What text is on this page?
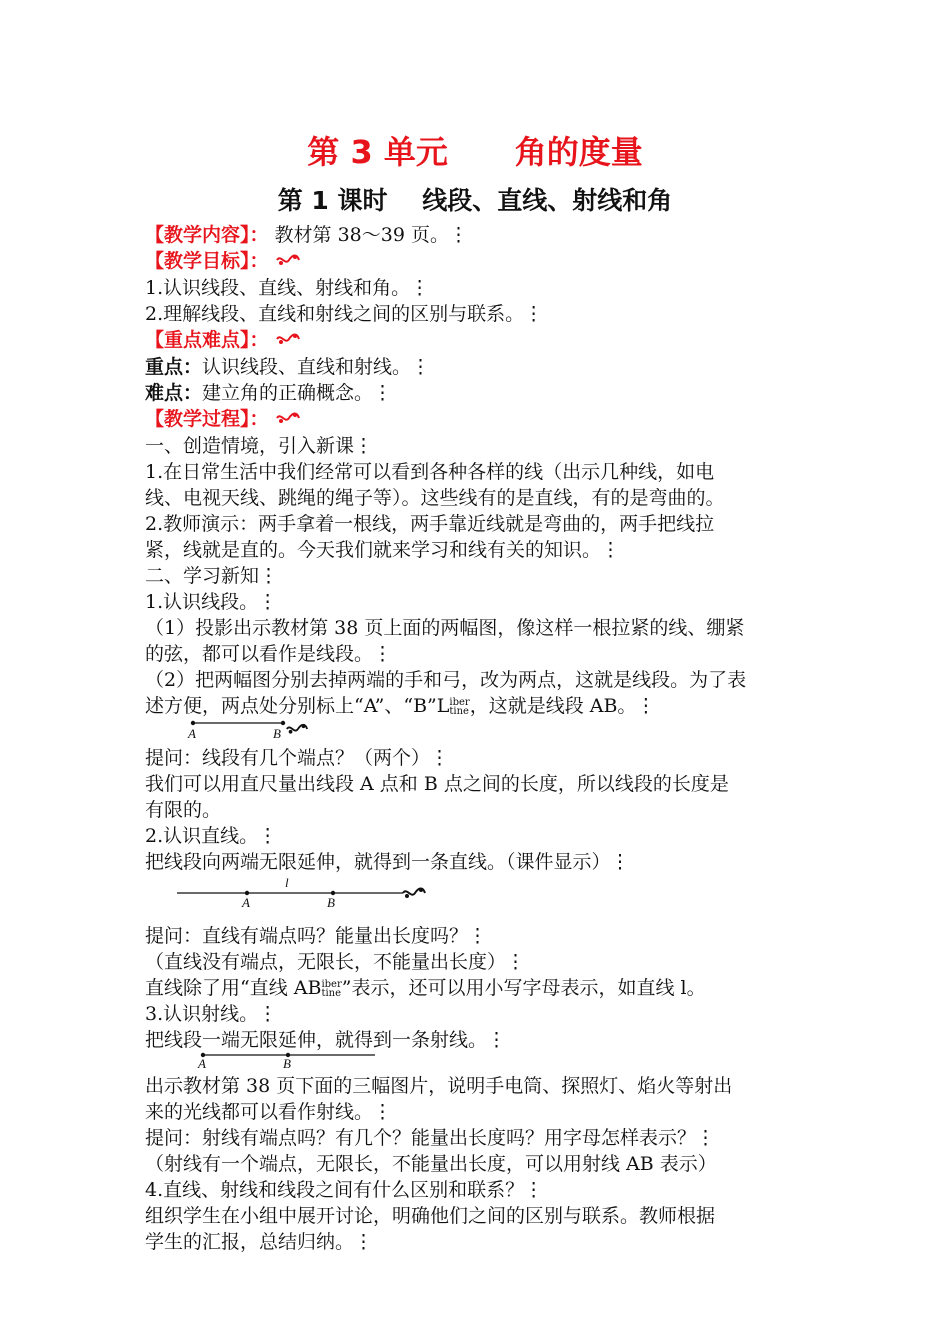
第 3 单元      角的度量
第 1 课时    线段、直线、射线和角
【教学内容】： 教材第 38～39 页。⋮
【教学目标】：
1.认识线段、直线、射线和角。⋮
2.理解线段、直线和射线之间的区别与联系。⋮
【重点难点】：
重点：认识线段、直线和射线。⋮
难点：建立角的正确概念。⋮
【教学过程】：
一、创造情境，引入新课⋮
1.在日常生活中我们经常可以看到各种各样的线（出示几种线，如电
线、电视天线、跳绳的绳子等）。这些线有的是直线，有的是弯曲的。
2.教师演示：两手拿着一根线，两手靠近线就是弯曲的，两手把线拉
紧，线就是直的。今天我们就来学习和线有关的知识。⋮
二、学习新知⋮
1.认识线段。⋮
（1）投影出示教材第 38 页上面的两幅图，像这样一根拉紧的线、绷紧
的弦，都可以看作是线段。⋮
（2）把两幅图分别去掉两端的手和弓，改为两点，这就是线段。为了表
述方便，两点处分别标上“A”、“B”Liber
tine，这就是线段 AB。⋮
A	B
提问：线段有几个端点？（两个）⋮
我们可以用直尺量出线段 A 点和 B 点之间的长度，所以线段的长度是
有限的。
2.认识直线。⋮
把线段向两端无限延伸，就得到一条直线。（课件显示）⋮
l
A	B
提问：直线有端点吗？能量出长度吗？⋮
（直线没有端点，无限长，不能量出长度）⋮
直线除了用“直线 ABiber
tine”表示，还可以用小写字母表示，如直线 l。
3.认识射线。⋮
把线段一端无限延伸，就得到一条射线。⋮
A	B
出示教材第 38 页下面的三幅图片，说明手电筒、探照灯、焰火等射出
来的光线都可以看作射线。⋮
提问：射线有端点吗？有几个？能量出长度吗？用字母怎样表示？⋮
（射线有一个端点，无限长，不能量出长度，可以用射线 AB 表示）
4.直线、射线和线段之间有什么区别和联系？⋮
组织学生在小组中展开讨论，明确他们之间的区别与联系。教师根据
学生的汇报，总结归纳。⋮
